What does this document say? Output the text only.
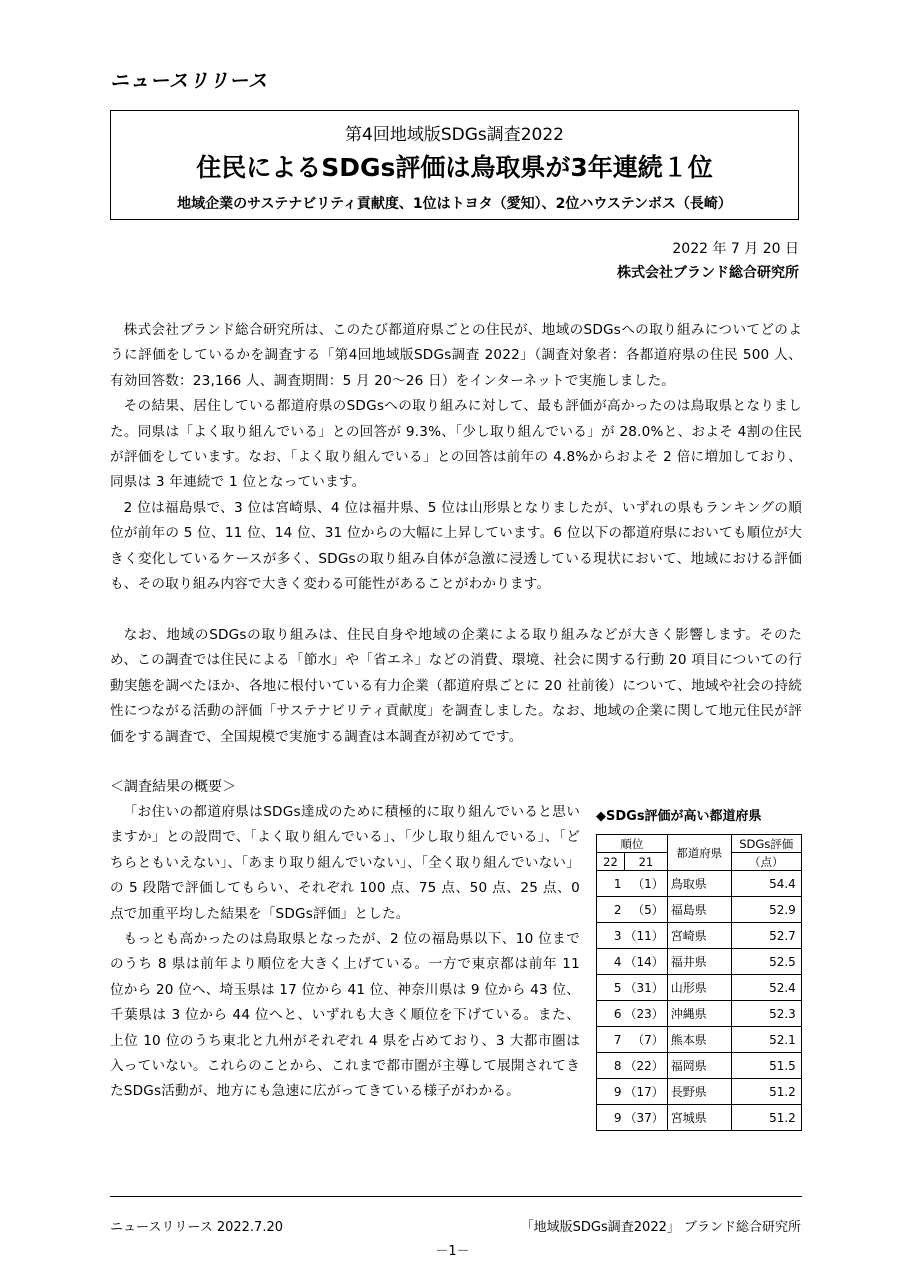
ニュースリリース
第4回地域版SDGs調査2022
住民によるSDGs評価は鳥取県が3年連続１位
地域企業のサステナビリティ貢献度、1位はトヨタ（愛知）、2位ハウステンボス（長崎）
2022 年 7 月 20 日
株式会社ブランド総合研究所

株式会社ブランド総合研究所は、このたび都道府県ごとの住民が、地域のSDGsへの取り組みについてどのように評価をしているかを調査する「第4回地域版SDGs調査 2022」（調査対象者：各都道府県の住民 500 人、有効回答数：23,166 人、調査期間：5 月 20～26 日）をインターネットで実施しました。

その結果、居住している都道府県のSDGsへの取り組みに対して、最も評価が高かったのは鳥取県となりました。同県は「よく取り組んでいる」との回答が 9.3%、「少し取り組んでいる」が 28.0%と、およそ 4割の住民が評価をしています。なお、「よく取り組んでいる」との回答は前年の 4.8%からおよそ 2 倍に増加しており、同県は 3 年連続で 1 位となっています。

2 位は福島県で、3 位は宮崎県、4 位は福井県、5 位は山形県となりましたが、いずれの県もランキングの順位が前年の 5 位、11 位、14 位、31 位からの大幅に上昇しています。6 位以下の都道府県においても順位が大きく変化しているケースが多く、SDGsの取り組み自体が急激に浸透している現状において、地域における評価も、その取り組み内容で大きく変わる可能性があることがわかります。

なお、地域のSDGsの取り組みは、住民自身や地域の企業による取り組みなどが大きく影響します。そのため、この調査では住民による「節水」や「省エネ」などの消費、環境、社会に関する行動 20 項目についての行動実態を調べたほか、各地に根付いている有力企業（都道府県ごとに 20 社前後）について、地域や社会の持続性につながる活動の評価「サステナビリティ貢献度」を調査しました。なお、地域の企業に関して地元住民が評価をする調査で、全国規模で実施する調査は本調査が初めてです。

＜調査結果の概要＞

「お住いの都道府県はSDGs達成のために積極的に取り組んでいると思いますか」との設問で、「よく取り組んでいる」、「少し取り組んでいる」、「どちらともいえない」、「あまり取り組んでいない」、「全く取り組んでいない」の 5 段階で評価してもらい、それぞれ 100 点、75 点、50 点、25 点、0 点で加重平均した結果を「SDGs評価」とした。

もっとも高かったのは鳥取県となったが、2 位の福島県以下、10 位までのうち 8 県は前年より順位を大きく上げている。一方で東京都は前年 11 位から 20 位へ、埼玉県は 17 位から 41 位、神奈川県は 9 位から 43 位、千葉県は 3 位から 44 位へと、いずれも大きく順位を下げている。また、上位 10 位のうち東北と九州がそれぞれ 4 県を占めており、3 大都市圏は入っていない。これらのことから、これまで都市圏が主導して展開されてきたSDGs活動が、地方にも急速に広がってきている様子がわかる。

◆SDGs評価が高い都道府県
順位		都道府県	SDGs評価
22	21		（点）
1	（1）	鳥取県	54.4
2	（5）	福島県	52.9
3	（11）	宮崎県	52.7
4	（14）	福井県	52.5
5	（31）	山形県	52.4
6	（23）	沖縄県	52.3
7	（7）	熊本県	52.1
8	（22）	福岡県	51.5
9	（17）	長野県	51.2
9	（37）	宮城県	51.2
ニュースリリース 2022.7.20	「地域版SDGs調査2022」 ブランド総合研究所
－1－
